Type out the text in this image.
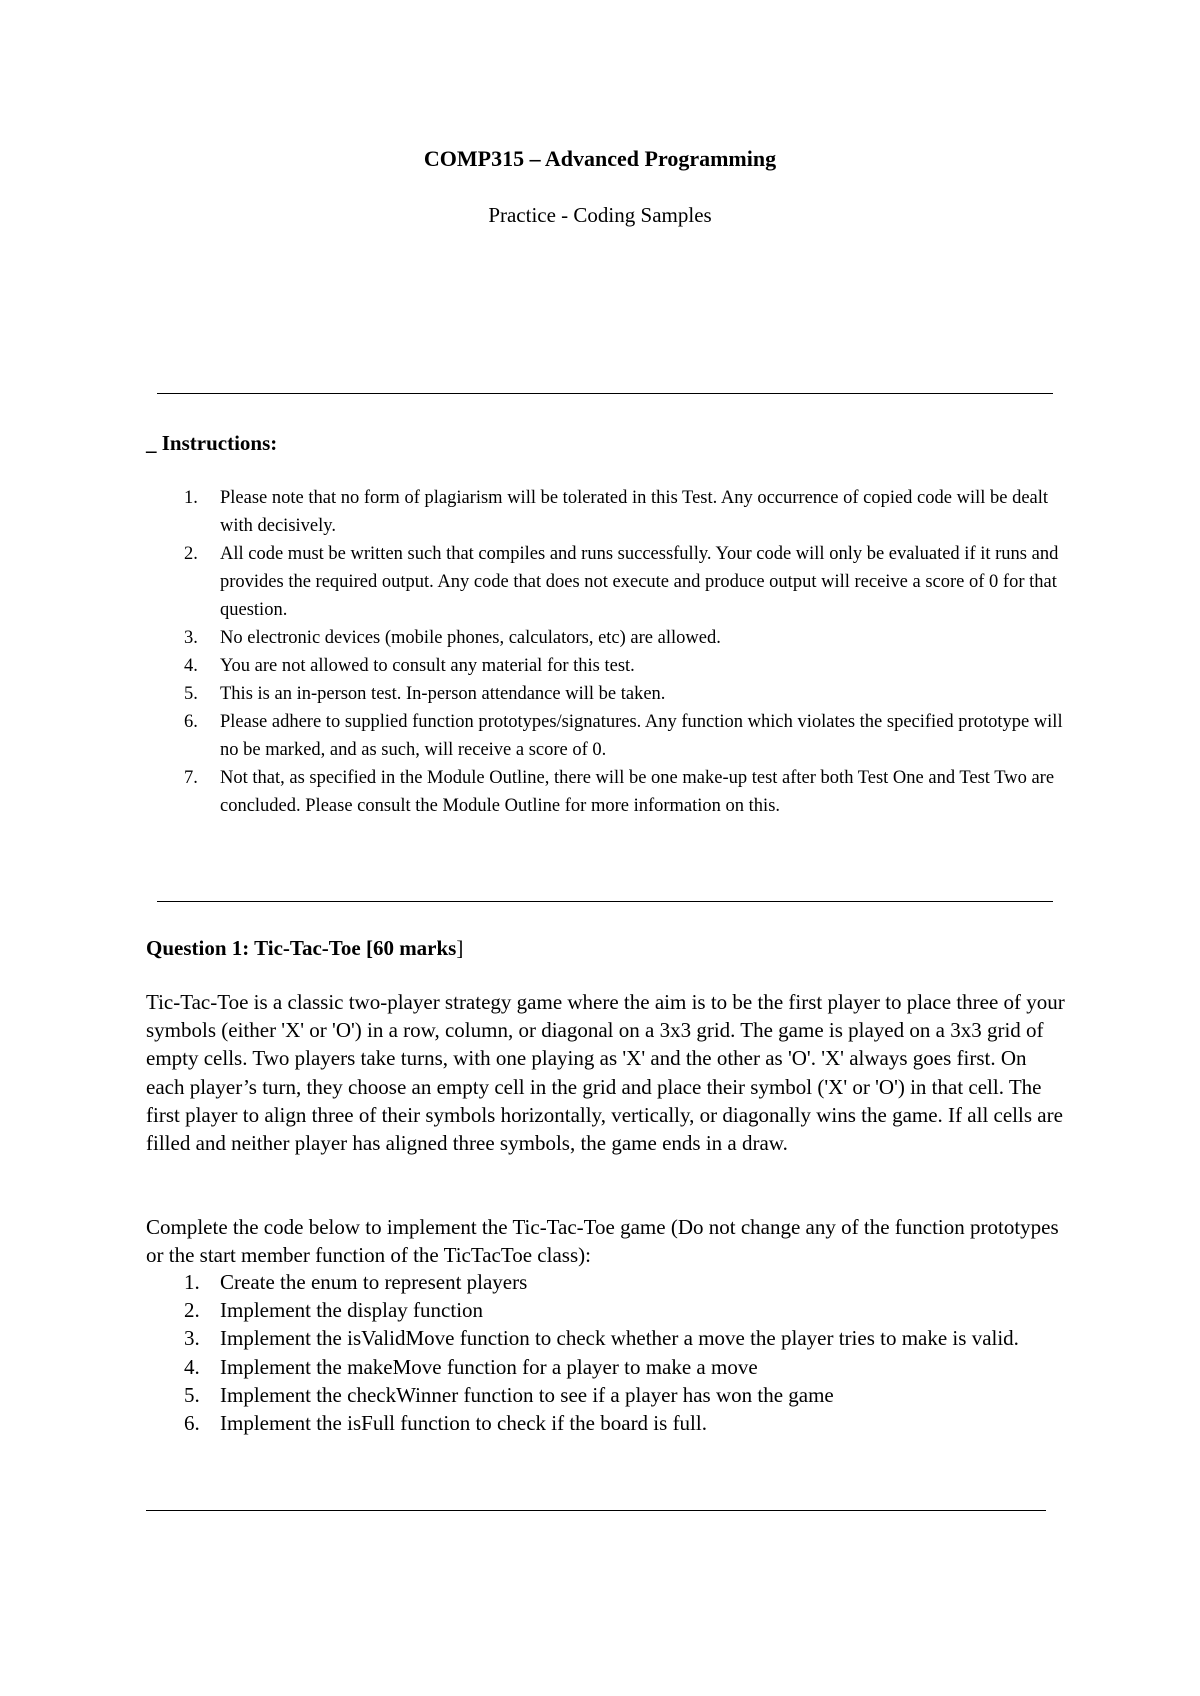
COMP315 – Advanced Programming
Practice - Coding Samples
_ Instructions:
1. Please note that no form of plagiarism will be tolerated in this Test. Any occurrence of copied code will be dealt with decisively.
2. All code must be written such that compiles and runs successfully. Your code will only be evaluated if it runs and provides the required output. Any code that does not execute and produce output will receive a score of 0 for that question.
3. No electronic devices (mobile phones, calculators, etc) are allowed.
4. You are not allowed to consult any material for this test.
5. This is an in-person test. In-person attendance will be taken.
6. Please adhere to supplied function prototypes/signatures. Any function which violates the specified prototype will no be marked, and as such, will receive a score of 0.
7. Not that, as specified in the Module Outline, there will be one make-up test after both Test One and Test Two are concluded. Please consult the Module Outline for more information on this.
Question 1: Tic-Tac-Toe [60 marks]

Tic-Tac-Toe is a classic two-player strategy game where the aim is to be the first player to place three of your symbols (either 'X' or 'O') in a row, column, or diagonal on a 3x3 grid. The game is played on a 3x3 grid of empty cells. Two players take turns, with one playing as 'X' and the other as 'O'. 'X' always goes first. On each player’s turn, they choose an empty cell in the grid and place their symbol ('X' or 'O') in that cell. The first player to align three of their symbols horizontally, vertically, or diagonally wins the game. If all cells are filled and neither player has aligned three symbols, the game ends in a draw.

Complete the code below to implement the Tic-Tac-Toe game (Do not change any of the function prototypes or the start member function of the TicTacToe class):

1. Create the enum to represent players
2. Implement the display function
3. Implement the isValidMove function to check whether a move the player tries to make is valid.
4. Implement the makeMove function for a player to make a move
5. Implement the checkWinner function to see if a player has won the game
6. Implement the isFull function to check if the board is full.
